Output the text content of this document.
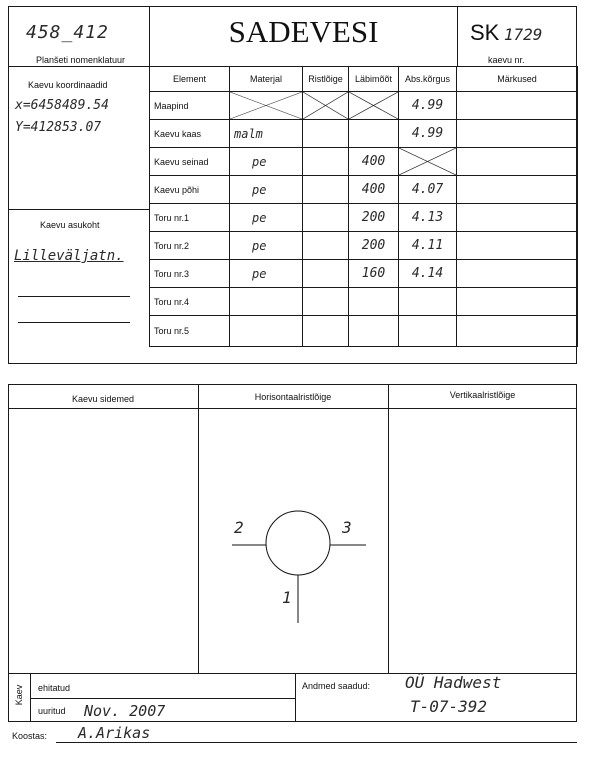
458_412
Planšeti nomenklatuur
SADEVESI	SK 1729
kaevu nr.
Kaevu koordinaadid
x=6458489.54
Y=412853.07
Kaevu asukoht
Lilleväljatn.
Element	Materjal	Ristlõige	Läbimõõt	Abs.kõrgus	Märkused
Maapind				4.99	
Kaevu kaas	malm			4.99	
Kaevu seinad	pe		400	

Kaevu põhi	pe		400	4.07	
Toru nr.1	pe		200	4.13	
Toru nr.2	pe		200	4.11	
Toru nr.3	pe		160	4.14	
Toru nr.4					
Toru nr.5					
Kaevu sidemed	Horisontaalristlõige	Vertikaalristlõige
2	3
1
Kaev ehitatud
uuritud Nov. 2007
Andmed saadud: OÜ Hadwest
T-07-392
Koostas: A.Arikas
